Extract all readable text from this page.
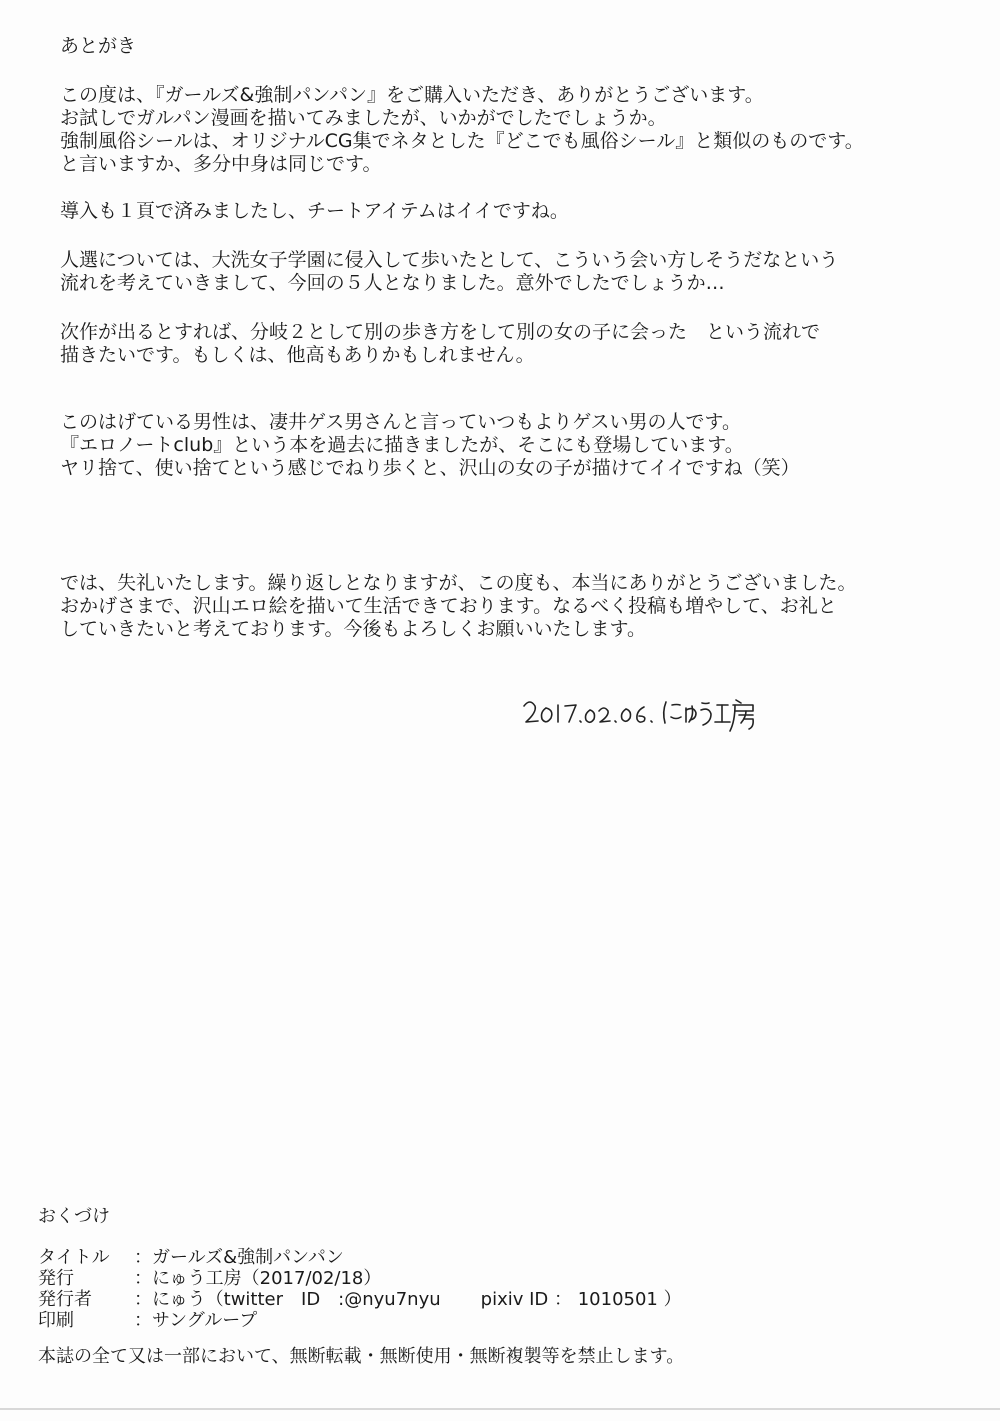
あとがき
この度は、『ガールズ&強制パンパン』をご購入いただき、ありがとうございます。
お試しでガルパン漫画を描いてみましたが、いかがでしたでしょうか。
強制風俗シールは、オリジナルCG集でネタとした『どこでも風俗シール』と類似のものです。
と言いますか、多分中身は同じです。
導入も１頁で済みましたし、チートアイテムはイイですね。
人選については、大洗女子学園に侵入して歩いたとして、こういう会い方しそうだなという
流れを考えていきまして、今回の５人となりました。意外でしたでしょうか…
次作が出るとすれば、分岐２として別の歩き方をして別の女の子に会った　という流れで
描きたいです。もしくは、他高もありかもしれません。
このはげている男性は、凄井ゲス男さんと言っていつもよりゲスい男の人です。
『エロノートclub』という本を過去に描きましたが、そこにも登場しています。
ヤリ捨て、使い捨てという感じでねり歩くと、沢山の女の子が描けてイイですね（笑）
では、失礼いたします。繰り返しとなりますが、この度も、本当にありがとうございました。
おかげさまで、沢山エロ絵を描いて生活できております。なるべく投稿も増やして、お礼と
していきたいと考えております。今後もよろしくお願いいたします。
おくづけ
タイトル	： ガールズ&強制パンパン
発行	： にゅう工房（2017/02/18）
発行者	： にゅう（twitter　ID　:@nyu7nyu pixiv ID ： 1010501 ）
印刷	： サングループ
本誌の全て又は一部において、無断転載・無断使用・無断複製等を禁止します。
